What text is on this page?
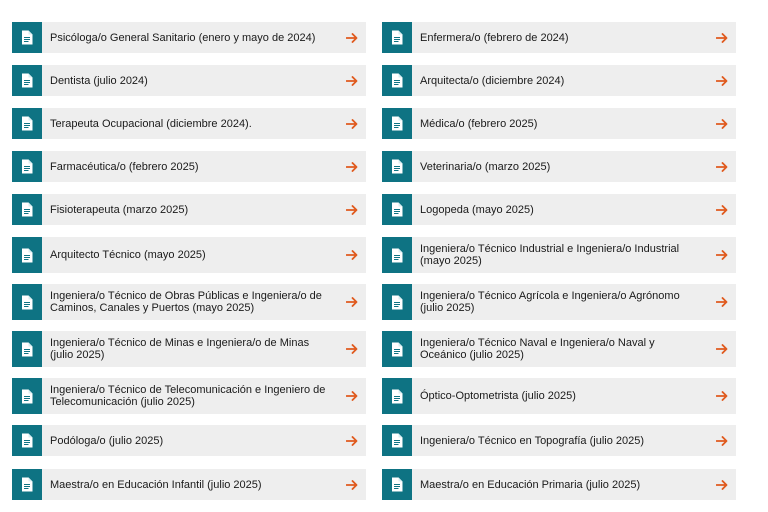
Psicóloga/o General Sanitario (enero y mayo de 2024)
Dentista (julio 2024)
Terapeuta Ocupacional (diciembre 2024).
Farmacéutica/o (febrero 2025)
Fisioterapeuta (marzo 2025)
Arquitecto Técnico (mayo 2025)
Ingeniera/o Técnico de Obras Públicas e Ingeniera/o de Caminos, Canales y Puertos (mayo 2025)
Ingeniera/o Técnico de Minas e Ingeniera/o de Minas (julio 2025)
Ingeniera/o Técnico de Telecomunicación e Ingeniero de Telecomunicación (julio 2025)
Podóloga/o (julio 2025)
Maestra/o en Educación Infantil (julio 2025)
Enfermera/o (febrero de 2024)
Arquitecta/o (diciembre 2024)
Médica/o (febrero 2025)
Veterinaria/o (marzo 2025)
Logopeda (mayo 2025)
Ingeniera/o Técnico Industrial e Ingeniera/o Industrial (mayo 2025)
Ingeniera/o Técnico Agrícola e Ingeniera/o Agrónomo (julio 2025)
Ingeniera/o Técnico Naval e Ingeniera/o Naval y Oceánico (julio 2025)
Óptico-Optometrista (julio 2025)
Ingeniera/o Técnico en Topografía (julio 2025)
Maestra/o en Educación Primaria (julio 2025)
